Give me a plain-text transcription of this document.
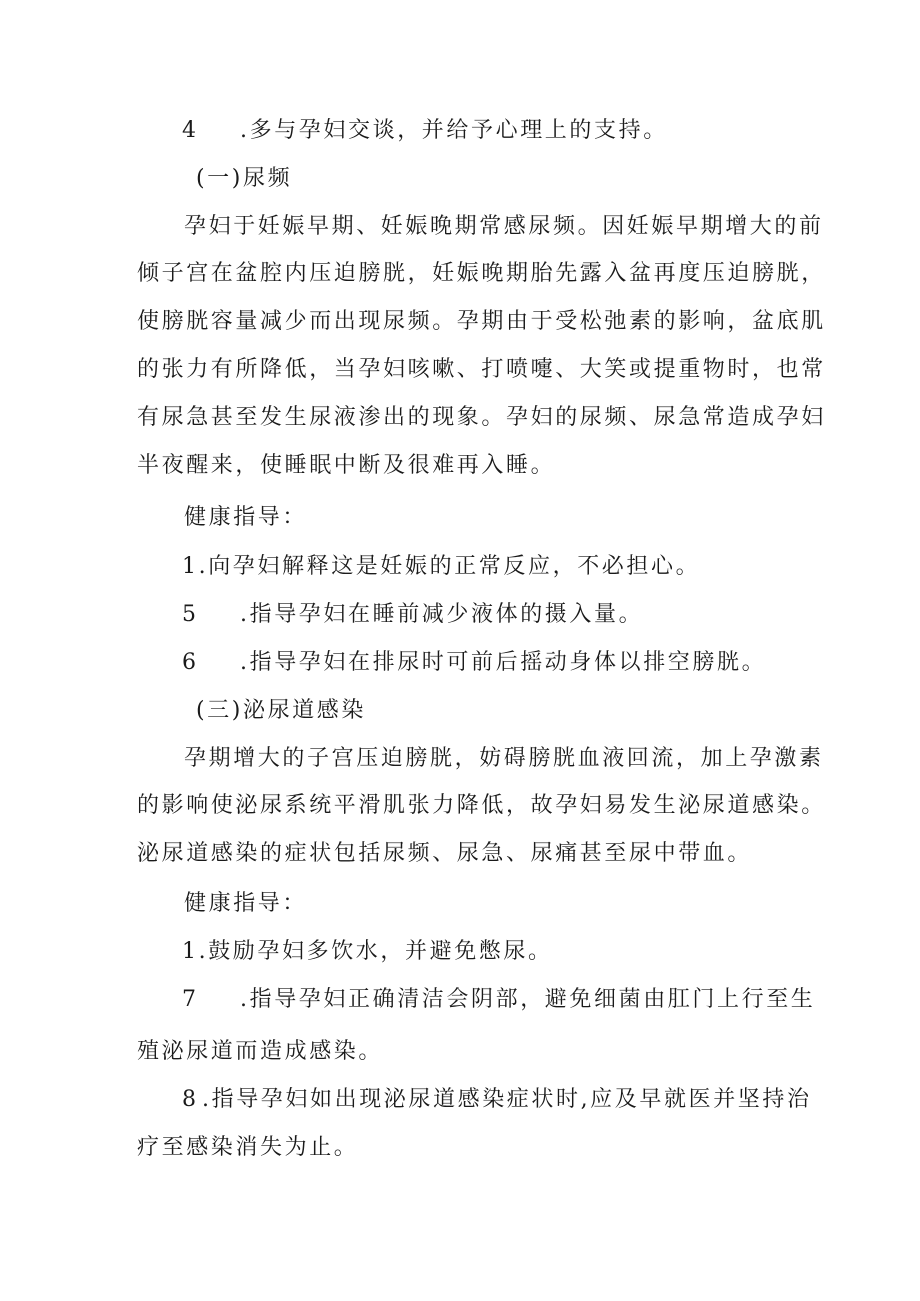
4 .多与孕妇交谈，并给予心理上的支持。
(一)尿频
孕妇于妊娠早期、妊娠晚期常感尿频。因妊娠早期增大的前
倾子宫在盆腔内压迫膀胱，妊娠晚期胎先露入盆再度压迫膀胱，
使膀胱容量减少而出现尿频。孕期由于受松弛素的影响，盆底肌
的张力有所降低，当孕妇咳嗽、打喷嚏、大笑或提重物时，也常
有尿急甚至发生尿液渗出的现象。孕妇的尿频、尿急常造成孕妇
半夜醒来，使睡眠中断及很难再入睡。
健康指导：
1.向孕妇解释这是妊娠的正常反应，不必担心。
5 .指导孕妇在睡前减少液体的摄入量。
6 .指导孕妇在排尿时可前后摇动身体以排空膀胱。
(三)泌尿道感染
孕期增大的子宫压迫膀胱，妨碍膀胱血液回流，加上孕激素
的影响使泌尿系统平滑肌张力降低，故孕妇易发生泌尿道感染。
泌尿道感染的症状包括尿频、尿急、尿痛甚至尿中带血。
健康指导：
1.鼓励孕妇多饮水，并避免憋尿。
7 .指导孕妇正确清洁会阴部，避免细菌由肛门上行至生
殖泌尿道而造成感染。
8 .指导孕妇如出现泌尿道感染症状时,应及早就医并坚持治
疗至感染消失为止。
